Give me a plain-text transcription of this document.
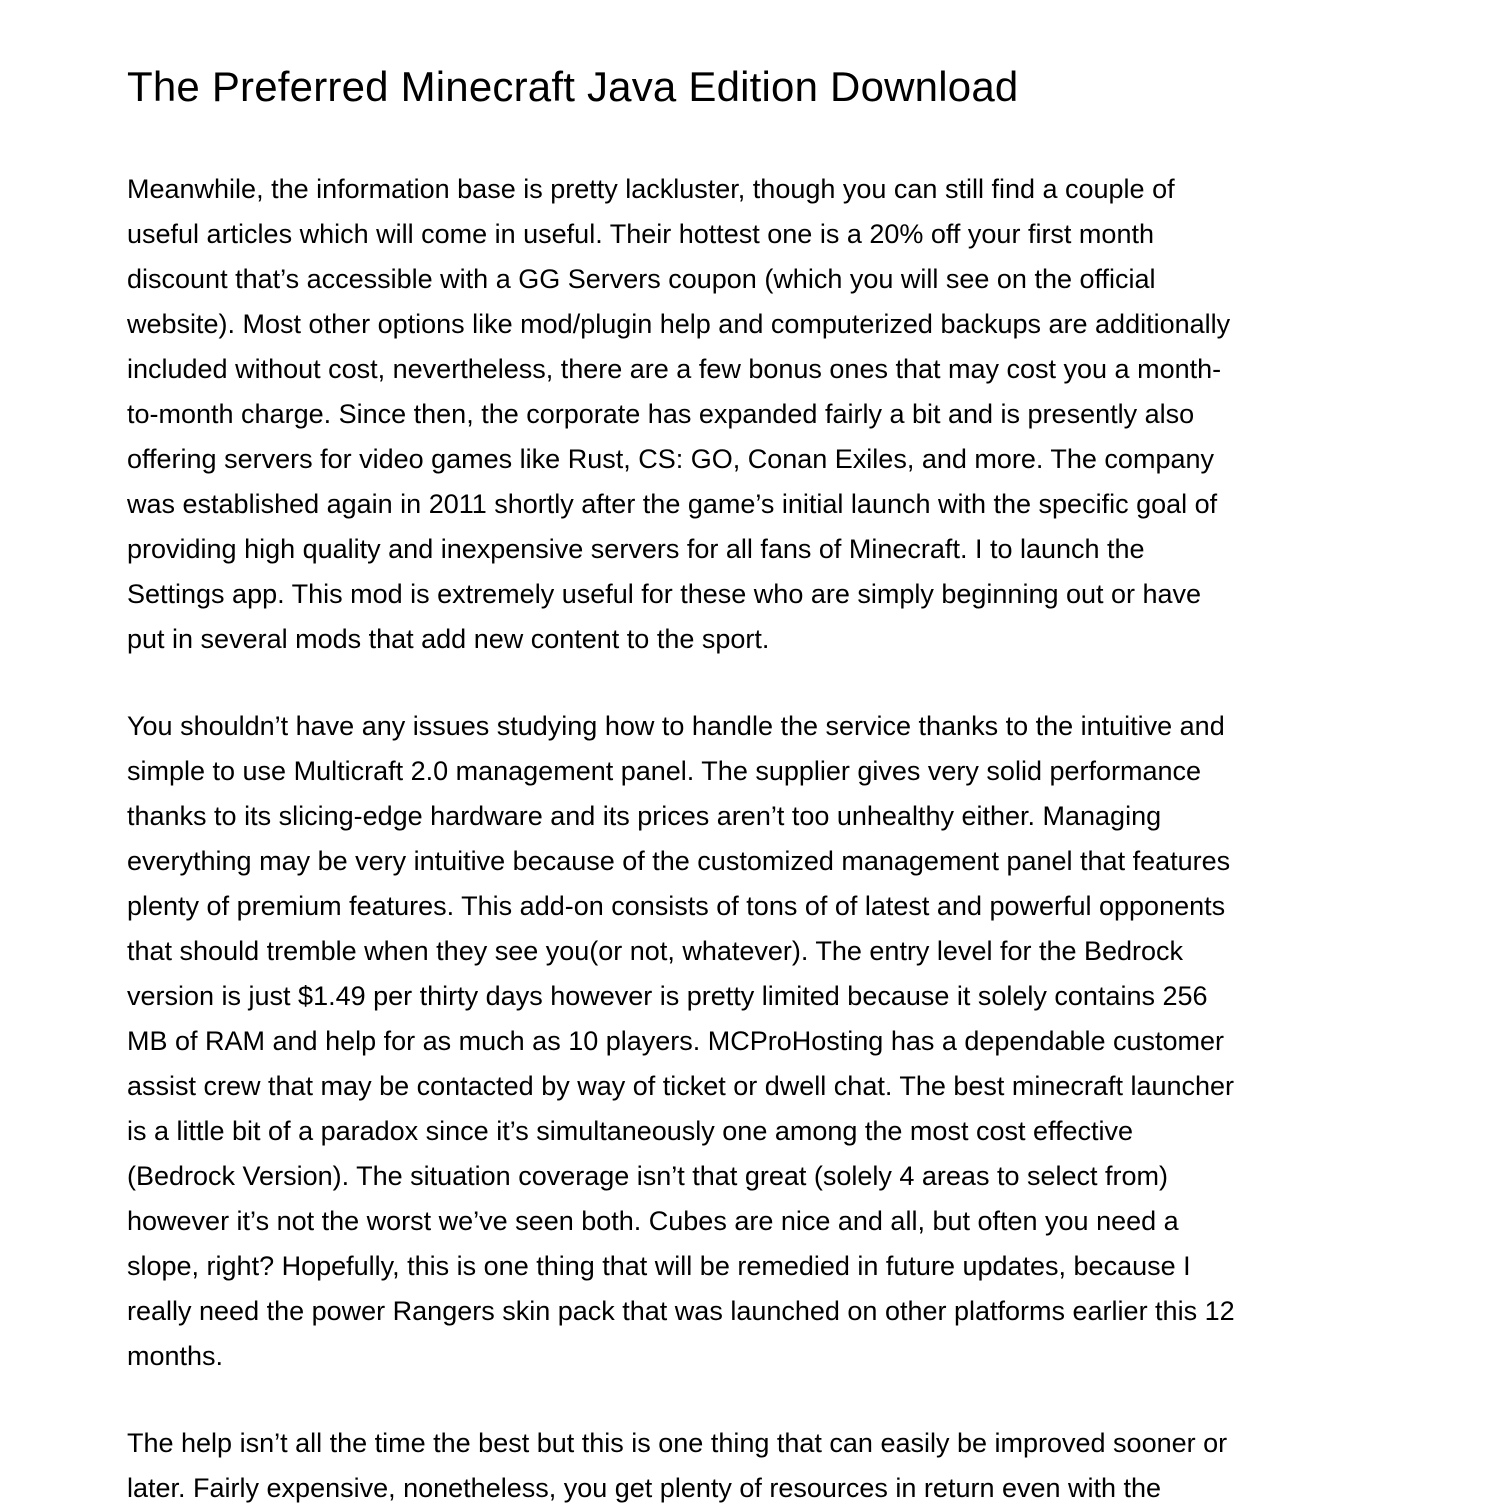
The Preferred Minecraft Java Edition Download
Meanwhile, the information base is pretty lackluster, though you can still find a couple of
useful articles which will come in useful. Their hottest one is a 20% off your first month
discount that’s accessible with a GG Servers coupon (which you will see on the official
website). Most other options like mod/plugin help and computerized backups are additionally
included without cost, nevertheless, there are a few bonus ones that may cost you a month-
to-month charge. Since then, the corporate has expanded fairly a bit and is presently also
offering servers for video games like Rust, CS: GO, Conan Exiles, and more. The company
was established again in 2011 shortly after the game’s initial launch with the specific goal of
providing high quality and inexpensive servers for all fans of Minecraft. I to launch the
Settings app. This mod is extremely useful for these who are simply beginning out or have
put in several mods that add new content to the sport.
You shouldn’t have any issues studying how to handle the service thanks to the intuitive and
simple to use Multicraft 2.0 management panel. The supplier gives very solid performance
thanks to its slicing-edge hardware and its prices aren’t too unhealthy either. Managing
everything may be very intuitive because of the customized management panel that features
plenty of premium features. This add-on consists of tons of of latest and powerful opponents
that should tremble when they see you(or not, whatever). The entry level for the Bedrock
version is just $1.49 per thirty days however is pretty limited because it solely contains 256
MB of RAM and help for as much as 10 players. MCProHosting has a dependable customer
assist crew that may be contacted by way of ticket or dwell chat. The best minecraft launcher
is a little bit of a paradox since it’s simultaneously one among the most cost effective
(Bedrock Version). The situation coverage isn’t that great (solely 4 areas to select from)
however it’s not the worst we’ve seen both. Cubes are nice and all, but often you need a
slope, right? Hopefully, this is one thing that will be remedied in future updates, because I
really need the power Rangers skin pack that was launched on other platforms earlier this 12
months.
The help isn’t all the time the best but this is one thing that can easily be improved sooner or
later. Fairly expensive, nonetheless, you get plenty of resources in return even with the
